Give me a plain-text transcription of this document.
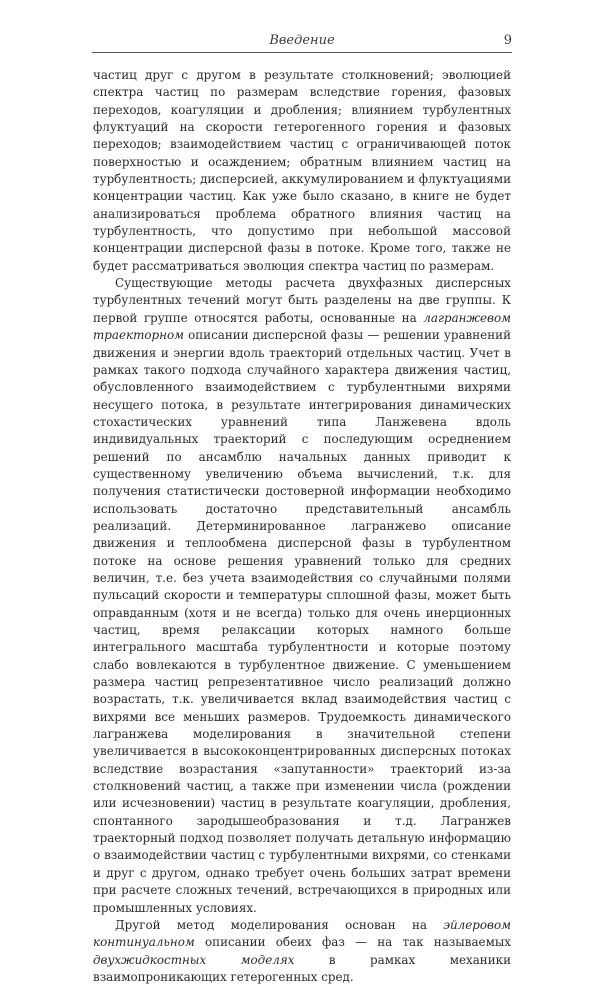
Введение	9

частиц друг с другом в результате столкновений; эволюцией спектра частиц по размерам вследствие горения, фазовых переходов, коагуляции и дробления; влиянием турбулентных флуктуаций на скорости гетерогенного горения и фазовых переходов; взаимодействием частиц с ограничивающей поток поверхностью и осаждением; обратным влиянием частиц на турбулентность; дисперсией, аккумулированием и флуктуациями концентрации частиц. Как уже было сказано, в книге не будет анализироваться проблема обратного влияния частиц на турбулентность, что допустимо при небольшой массовой концентрации дисперсной фазы в потоке. Кроме того, также не будет рассматриваться эволюция спектра частиц по размерам.

Существующие методы расчета двухфазных дисперсных турбулентных течений могут быть разделены на две группы. К первой группе относятся работы, основанные на лагранжевом траекторном описании дисперсной фазы — решении уравнений движения и энергии вдоль траекторий отдельных частиц. Учет в рамках такого подхода случайного характера движения частиц, обусловленного взаимодействием с турбулентными вихрями несущего потока, в результате интегрирования динамических стохастических уравнений типа Ланжевена вдоль индивидуальных траекторий с последующим осреднением решений по ансамблю начальных данных приводит к существенному увеличению объема вычислений, т.к. для получения статистически достоверной информации необходимо использовать достаточно представительный ансамбль реализаций. Детерминированное лагранжево описание движения и теплообмена дисперсной фазы в турбулентном потоке на основе решения уравнений только для средних величин, т.е. без учета взаимодействия со случайными полями пульсаций скорости и температуры сплошной фазы, может быть оправданным (хотя и не всегда) только для очень инерционных частиц, время релаксации которых намного больше интегрального масштаба турбулентности и которые поэтому слабо вовлекаются в турбулентное движение. С уменьшением размера частиц репрезентативное число реализаций должно возрастать, т.к. увеличивается вклад взаимодействия частиц с вихрями все меньших размеров. Трудоемкость динамического лагранжева моделирования в значительной степени увеличивается в высококонцентрированных дисперсных потоках вследствие возрастания «запутанности» траекторий из-за столкновений частиц, а также при изменении числа (рождении или исчезновении) частиц в результате коагуляции, дробления, спонтанного зародышеобразования и т.д. Лагранжев траекторный подход позволяет получать детальную информацию о взаимодействии частиц с турбулентными вихрями, со стенками и друг с другом, однако требует очень больших затрат времени при расчете сложных течений, встречающихся в природных или промышленных условиях.

Другой метод моделирования основан на эйлеровом континуальном описании обеих фаз — на так называемых двухжидкостных моделях в рамках механики взаимопроникающих гетерогенных сред.
